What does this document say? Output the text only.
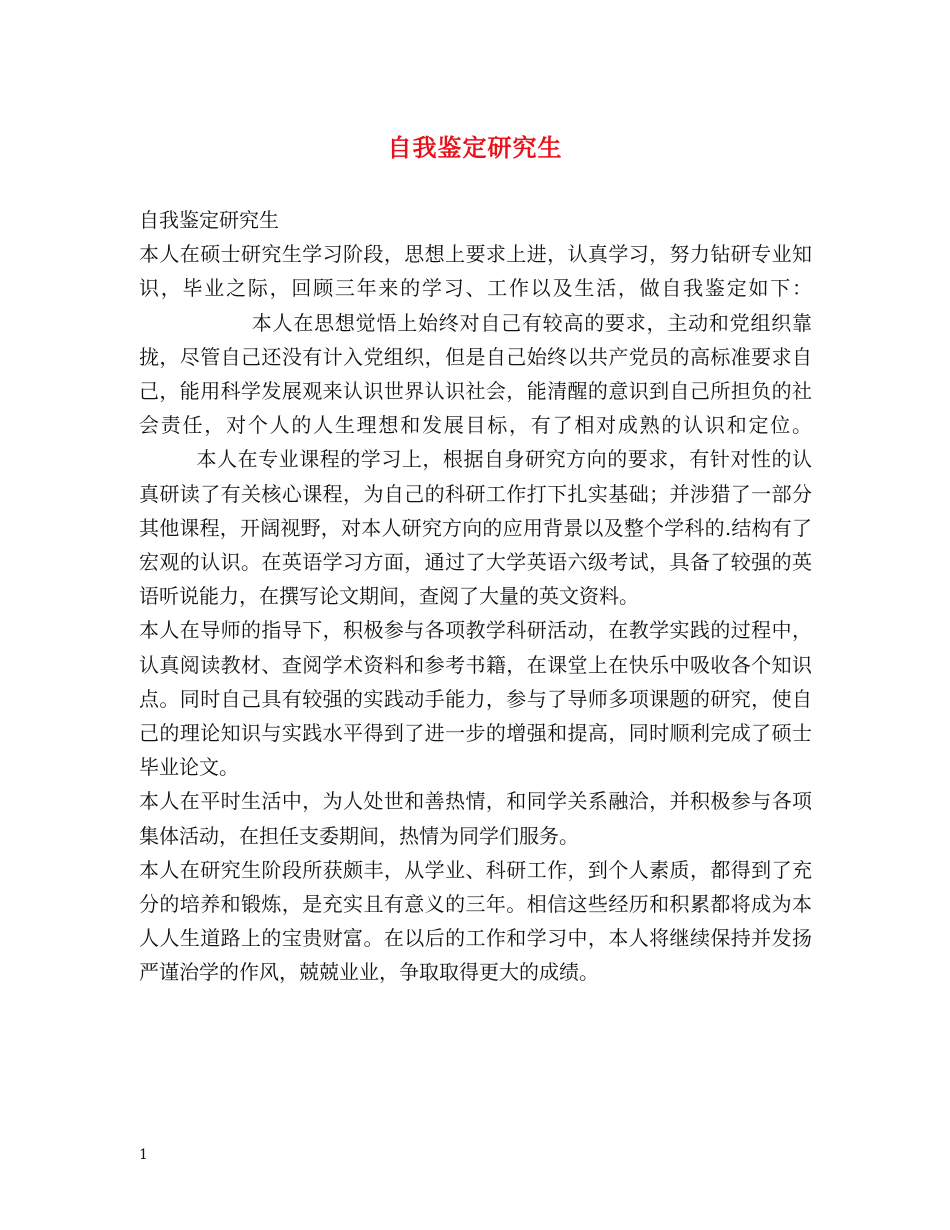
自我鉴定研究生

自我鉴定研究生

本人在硕士研究生学习阶段，思想上要求上进，认真学习，努力钻研专业知识，毕业之际，回顾三年来的学习、工作以及生活，做自我鉴定如下：本人在思想觉悟上始终对自己有较高的要求，主动和党组织靠拢，尽管自己还没有计入党组织，但是自己始终以共产党员的高标准要求自己，能用科学发展观来认识世界认识社会，能清醒的意识到自己所担负的社会责任，对个人的人生理想和发展目标，有了相对成熟的认识和定位。本人在专业课程的学习上，根据自身研究方向的要求，有针对性的认真研读了有关核心课程，为自己的科研工作打下扎实基础；并涉猎了一部分其他课程，开阔视野，对本人研究方向的应用背景以及整个学科的.结构有了宏观的认识。在英语学习方面，通过了大学英语六级考试，具备了较强的英语听说能力，在撰写论文期间，查阅了大量的英文资料。

本人在导师的指导下，积极参与各项教学科研活动，在教学实践的过程中，认真阅读教材、查阅学术资料和参考书籍，在课堂上在快乐中吸收各个知识点。同时自己具有较强的实践动手能力，参与了导师多项课题的研究，使自己的理论知识与实践水平得到了进一步的增强和提高，同时顺利完成了硕士毕业论文。

本人在平时生活中，为人处世和善热情，和同学关系融洽，并积极参与各项集体活动，在担任支委期间，热情为同学们服务。

本人在研究生阶段所获颇丰，从学业、科研工作，到个人素质，都得到了充分的培养和锻炼，是充实且有意义的三年。相信这些经历和积累都将成为本人人生道路上的宝贵财富。在以后的工作和学习中，本人将继续保持并发扬严谨治学的作风，兢兢业业，争取取得更大的成绩。

1
